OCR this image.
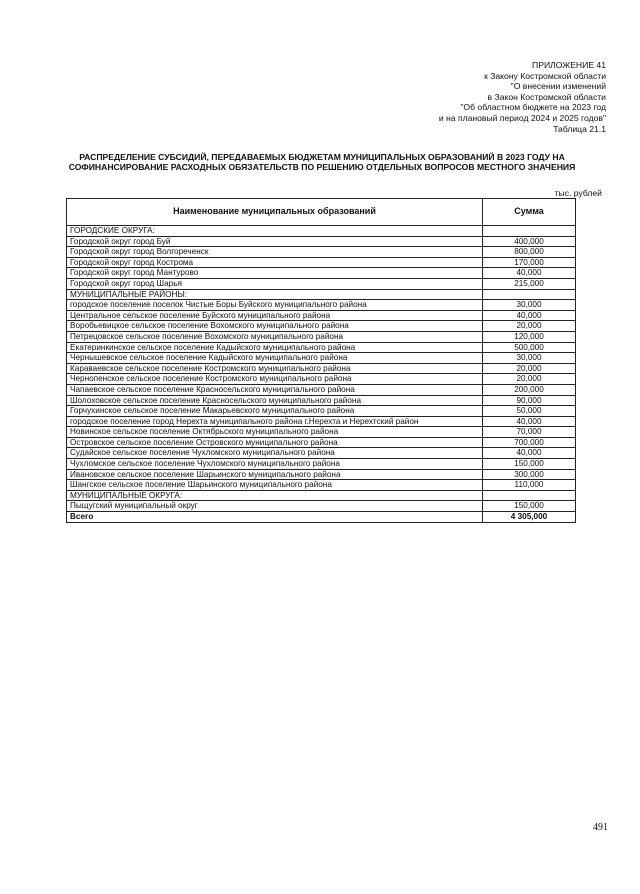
ПРИЛОЖЕНИЕ 41
к Закону Костромской области
"О внесении изменений
в Закон Костромской области
"Об областном бюджете на 2023 год
и на плановый период 2024 и 2025 годов"
Таблица 21.1
РАСПРЕДЕЛЕНИЕ СУБСИДИЙ, ПЕРЕДАВАЕМЫХ БЮДЖЕТАМ МУНИЦИПАЛЬНЫХ ОБРАЗОВАНИЙ В 2023 ГОДУ НА СОФИНАНСИРОВАНИЕ РАСХОДНЫХ ОБЯЗАТЕЛЬСТВ ПО РЕШЕНИЮ ОТДЕЛЬНЫХ ВОПРОСОВ МЕСТНОГО ЗНАЧЕНИЯ
тыс. рублей
Наименование муниципальных образований	Сумма
ГОРОДСКИЕ ОКРУГА:	
Городской округ город Буй	400,000
Городской округ город Волгореченск	800,000
Городской округ город Кострома	170,000
Городской округ город Мантурово	40,000
Городской округ город Шарья	215,000
МУНИЦИПАЛЬНЫЕ РАЙОНЫ:	
городское поселение поселок Чистые Боры Буйского муниципального района	30,000
Центральное сельское поселение Буйского муниципального района	40,000
Воробьевицкое сельское поселение Вохомского муниципального района	20,000
Петрецовское сельское поселение Вохомского муниципального района	120,000
Екатеринкинское сельское поселение Кадыйского муниципального района	500,000
Чернышевское сельское поселение Кадыйского муниципального района	30,000
Караваевское сельское поселение Костромского муниципального района	20,000
Чернопенское сельское поселение Костромского муниципального района	20,000
Чапаевское сельское поселение Красносельского муниципального района	200,000
Шолоховское сельское поселение Красносельского муниципального района	90,000
Горчухинское сельское поселение Макарьевского муниципального района	50,000
городское поселение город Нерехта муниципального района г.Нерехта и Нерехтский район	40,000
Новинское сельское поселение Октябрьского муниципального района	70,000
Островское сельское поселение Островского муниципального района	700,000
Судайское сельское поселение Чухломского муниципального района	40,000
Чухломское сельское поселение Чухломского муниципального района	150,000
Ивановское сельское поселение Шарьинского муниципального района	300,000
Шангское сельское поселение Шарьинского муниципального района	110,000
МУНИЦИПАЛЬНЫЕ ОКРУГА:	
Пыщугский муниципальный округ	150,000
Всего	4 305,000
491
